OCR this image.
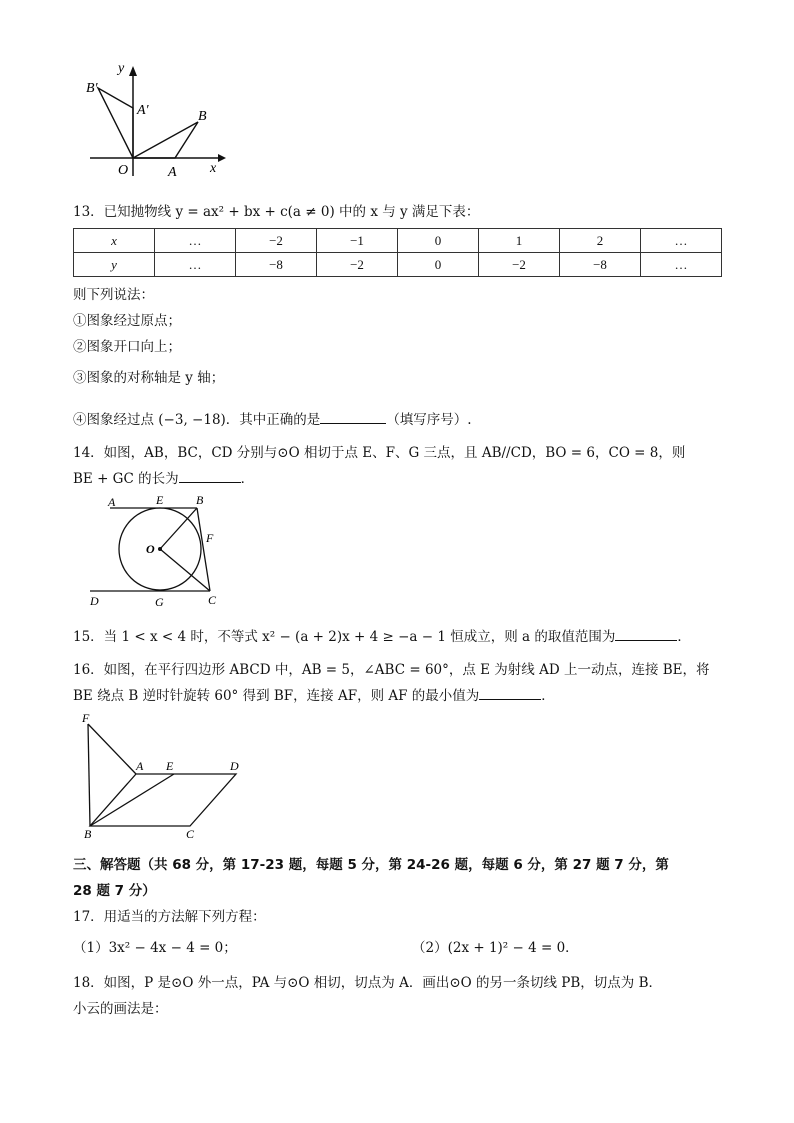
B′
y
A′	B
O	A x
13．已知抛物线 y = ax² + bx + c(a ≠ 0) 中的 x 与 y 满足下表：
x	…	−2	−1	0	1	2	…
y	…	−8	−2	0	−2	−8	…
则下列说法：
①图象经过原点；
②图象开口向上；
③图象的对称轴是 y 轴；
④图象经过点 (−3, −18)．其中正确的是	（填写序号）.
14．如图，AB，BC，CD 分别与⊙O 相切于点 E、F、G 三点，且 AB//CD，BO = 6，CO = 8，则
BE + GC 的长为	．
A	E	B
O
F
D	G	C
15．当 1 < x < 4 时，不等式 x² − (a + 2)x + 4 ≥ −a − 1 恒成立，则 a 的取值范围为	．
16．如图，在平行四边形 ABCD 中，AB = 5，∠ABC = 60°，点 E 为射线 AD 上一动点，连接 BE，将
BE 绕点 B 逆时针旋转 60° 得到 BF，连接 AF，则 AF 的最小值为	．
F
A E	D
B	C
三、解答题（共 68 分，第 17-23 题，每题 5 分，第 24-26 题，每题 6 分，第 27 题 7 分，第
28 题 7 分）
17．用适当的方法解下列方程：
（1）3x² − 4x − 4 = 0；	（2）(2x + 1)² − 4 = 0．
18．如图，P 是⊙O 外一点，PA 与⊙O 相切，切点为 A．画出⊙O 的另一条切线 PB，切点为 B．
小云的画法是：
